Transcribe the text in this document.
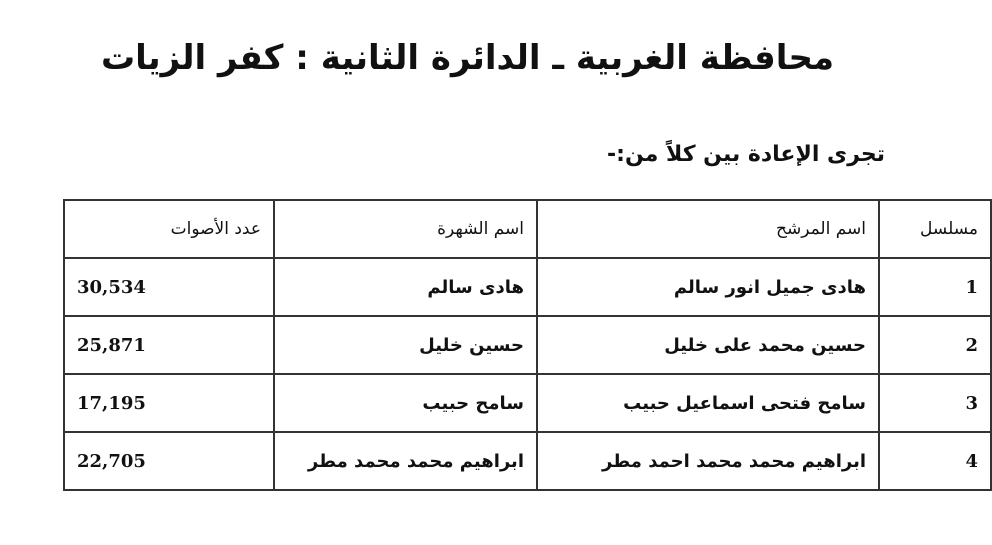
محافظة الغربية ـ الدائرة الثانية : كفر الزيات

تجرى الإعادة بين كلاً من:-

مسلسل	اسم المرشح	اسم الشهرة	عدد الأصوات
1	هادى جميل انور سالم	هادى سالم	30,534
2	حسين محمد على خليل	حسين خليل	25,871
3	سامح فتحى اسماعيل حبيب	سامح حبيب	17,195
4	ابراهيم محمد محمد احمد مطر	ابراهيم محمد محمد مطر	22,705
